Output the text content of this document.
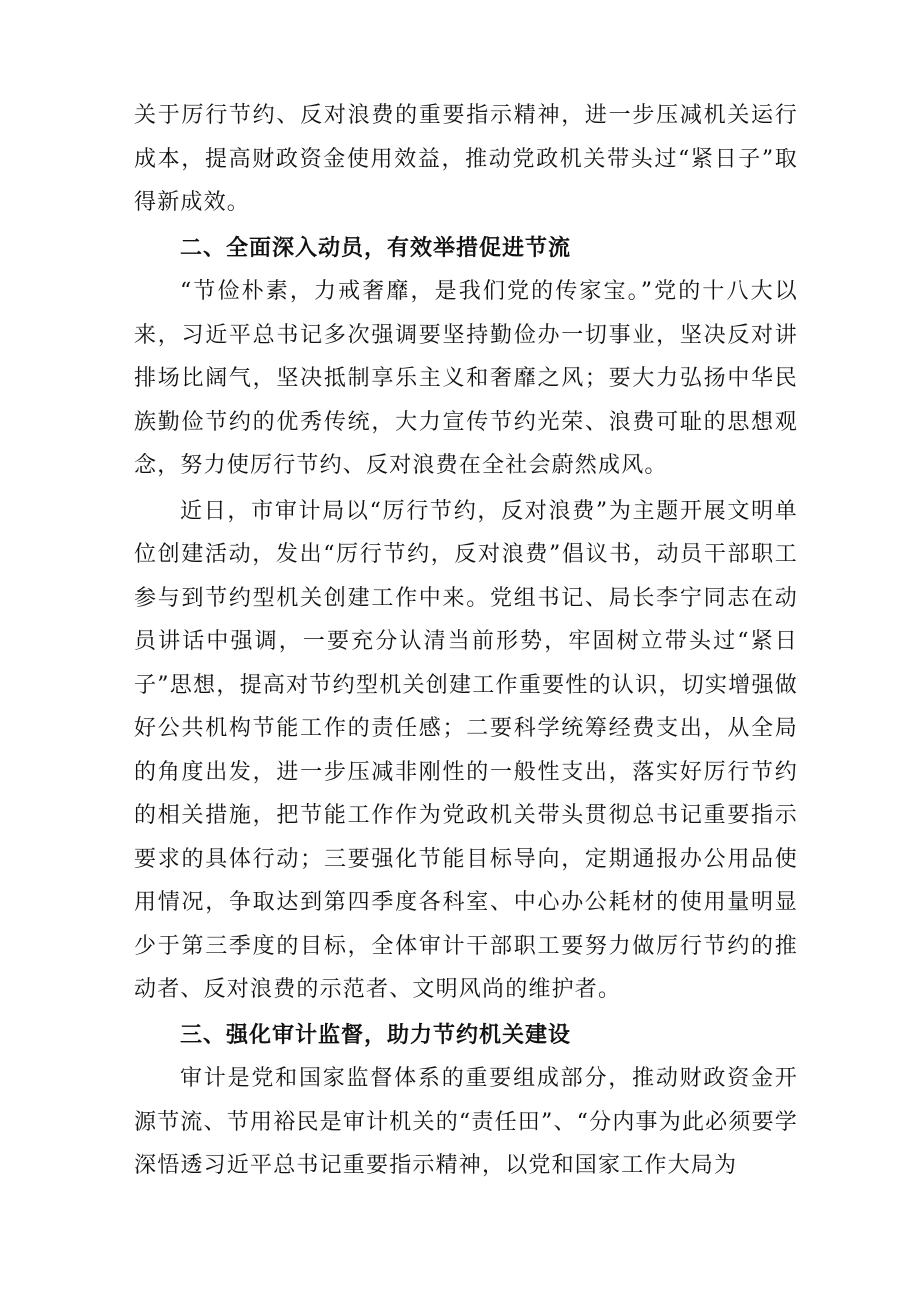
关于厉行节约、反对浪费的重要指示精神，进一步压减机关运行成本，提高财政资金使用效益，推动党政机关带头过“紧日子”取得新成效。

二、全面深入动员，有效举措促进节流

“节俭朴素，力戒奢靡，是我们党的传家宝。”党的十八大以来，习近平总书记多次强调要坚持勤俭办一切事业，坚决反对讲排场比阔气，坚决抵制享乐主义和奢靡之风；要大力弘扬中华民族勤俭节约的优秀传统，大力宣传节约光荣、浪费可耻的思想观念，努力使厉行节约、反对浪费在全社会蔚然成风。

近日，市审计局以“厉行节约，反对浪费”为主题开展文明单位创建活动，发出“厉行节约，反对浪费”倡议书，动员干部职工参与到节约型机关创建工作中来。党组书记、局长李宁同志在动员讲话中强调，一要充分认清当前形势，牢固树立带头过“紧日子”思想，提高对节约型机关创建工作重要性的认识，切实增强做好公共机构节能工作的责任感；二要科学统筹经费支出，从全局的角度出发，进一步压减非刚性的一般性支出，落实好厉行节约的相关措施，把节能工作作为党政机关带头贯彻总书记重要指示要求的具体行动；三要强化节能目标导向，定期通报办公用品使用情况，争取达到第四季度各科室、中心办公耗材的使用量明显少于第三季度的目标，全体审计干部职工要努力做厉行节约的推动者、反对浪费的示范者、文明风尚的维护者。

三、强化审计监督，助力节约机关建设

审计是党和国家监督体系的重要组成部分，推动财政资金开源节流、节用裕民是审计机关的“责任田”、“分内事为此必须要学深悟透习近平总书记重要指示精神，以党和国家工作大局为
